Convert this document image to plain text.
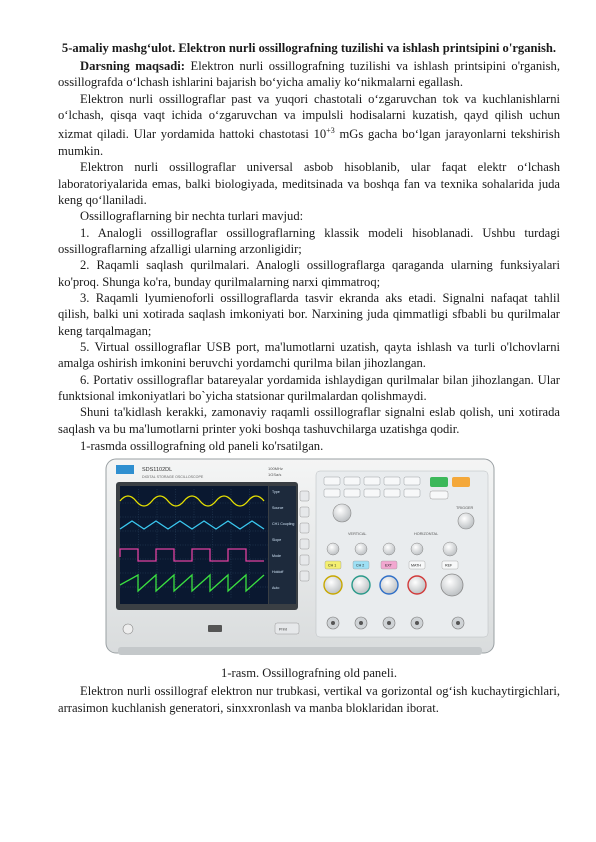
5-amaliy mashg‘ulot. Elektron nurli ossillografning tuzilishi va ishlash printsipini o'rganish.

Darsning maqsadi: Elektron nurli ossillografning tuzilishi va ishlash printsipini o'rganish, ossillografda o‘lchash ishlarini bajarish bo‘yicha amaliy ko‘nikmalarni egallash.

Elektron nurli ossillograflar past va yuqori chastotali o‘zgaruvchan tok va kuchlanishlarni o‘lchash, qisqa vaqt ichida o‘zgaruvchan va impulsli hodisalarni kuzatish, qayd qilish uchun xizmat qiladi. Ular yordamida hattoki chastotasi $10^{+3}$ mGs gacha bo‘lgan jarayonlarni tekshirish mumkin.

Elektron nurli ossillograflar universal asbob hisoblanib, ular faqat elektr o‘lchash laboratoriyalarida emas, balki biologiyada, meditsinada va boshqa fan va texnika sohalarida juda keng qo‘llaniladi.

Ossillograflarning bir nechta turlari mavjud:

1. Analogli ossillograflar ossillograflarning klassik modeli hisoblanadi. Ushbu turdagi ossillograflarning afzalligi ularning arzonligidir;

2. Raqamli saqlash qurilmalari. Analogli ossillograflarga qaraganda ularning funksiyalari ko'proq. Shunga ko'ra, bunday qurilmalarning narxi qimmatroq;

3. Raqamli lyumienoforli ossillograflarda tasvir ekranda aks etadi. Signalni nafaqat tahlil qilish, balki uni xotirada saqlash imkoniyati bor. Narxining juda qimmatligi sfbabli bu qurilmalar keng tarqalmagan;

5. Virtual ossillograflar USB port, ma'lumotlarni uzatish, qayta ishlash va turli o'lchovlarni amalga oshirish imkonini beruvchi yordamchi qurilma bilan jihozlangan.

6. Portativ ossillograflar batareyalar yordamida ishlaydigan qurilmalar bilan jihozlangan. Ular funktsional imkoniyatlari bo`yicha statsionar qurilmalardan qolishmaydi.

Shuni ta'kidlash kerakki, zamonaviy raqamli ossillograflar signalni eslab qolish, uni xotirada saqlash va bu ma'lumotlarni printer yoki boshqa tashuvchilarga uzatishga qodir.

1-rasmda ossillografning old paneli ko'rsatilgan.

SDS1102DL
DIGITAL STORAGE OSCILLOSCOPE
100MHz
1GSa/s
Type
Source
CH1 Coupling
Slope
Mode
Holdoff
Auto
Print
VERTICAL	HORIZONTAL
TRIGGER
CH 1	CH 2	EXT	MATH	REF
1-rasm. Ossillografning old paneli.

Elektron nurli ossillograf elektron nur trubkasi, vertikal va gorizontal og‘ish kuchaytirgichlari, arrasimon kuchlanish generatori, sinxxronlash va manba bloklaridan iborat.
